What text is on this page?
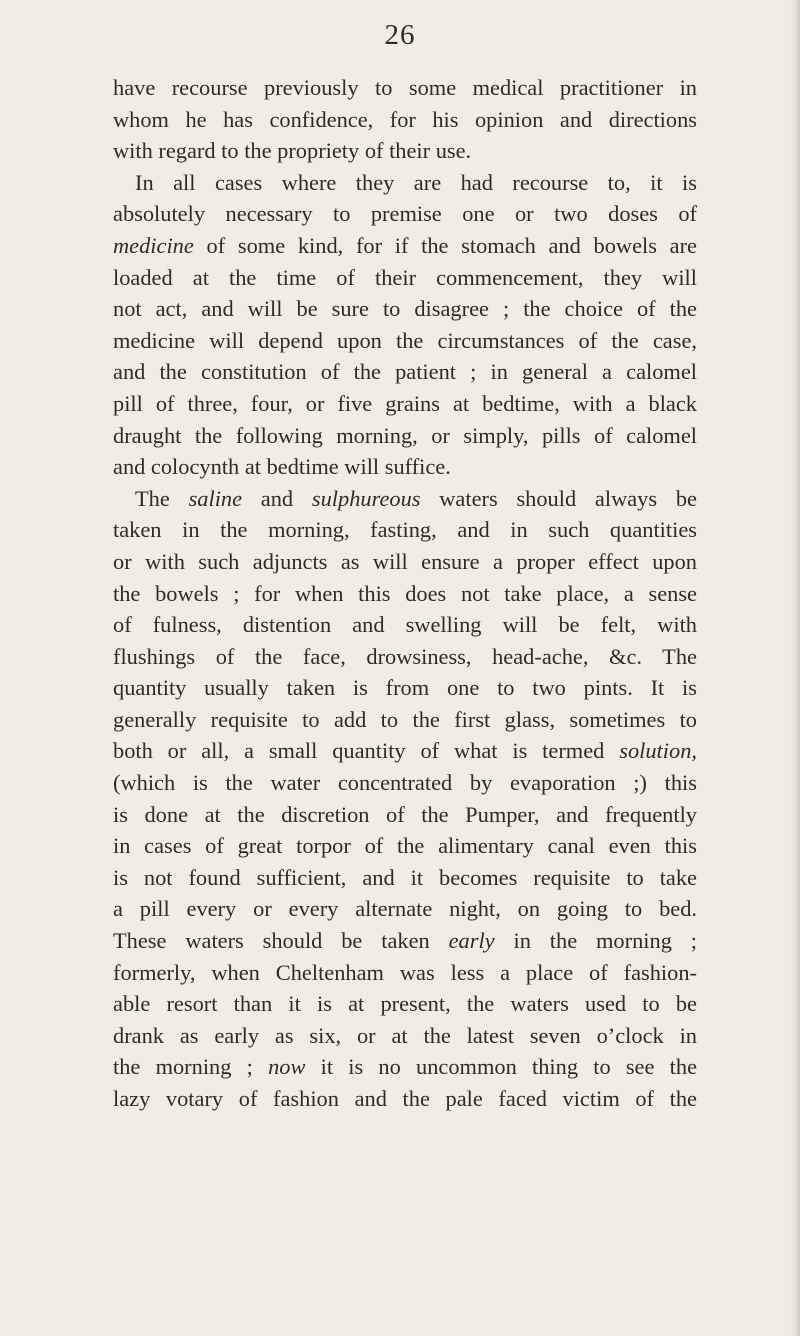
26
have recourse previously to some medical practitioner in
whom he has confidence, for his opinion and directions
with regard to the propriety of their use.
In all cases where they are had recourse to, it is
absolutely necessary to premise one or two doses of
medicine of some kind, for if the stomach and bowels are
loaded at the time of their commencement, they will
not act, and will be sure to disagree ; the choice of the
medicine will depend upon the circumstances of the case,
and the constitution of the patient ; in general a calomel
pill of three, four, or five grains at bedtime, with a black
draught the following morning, or simply, pills of calomel
and colocynth at bedtime will suffice.
The saline and sulphureous waters should always be
taken in the morning, fasting, and in such quantities
or with such adjuncts as will ensure a proper effect upon
the bowels ; for when this does not take place, a sense
of fulness, distention and swelling will be felt, with
flushings of the face, drowsiness, head-ache, &c. The
quantity usually taken is from one to two pints. It is
generally requisite to add to the first glass, sometimes to
both or all, a small quantity of what is termed solution,
(which is the water concentrated by evaporation ;) this
is done at the discretion of the Pumper, and frequently
in cases of great torpor of the alimentary canal even this
is not found sufficient, and it becomes requisite to take
a pill every or every alternate night, on going to bed.
These waters should be taken early in the morning ;
formerly, when Cheltenham was less a place of fashion-
able resort than it is at present, the waters used to be
drank as early as six, or at the latest seven o’clock in
the morning ; now it is no uncommon thing to see the
lazy votary of fashion and the pale faced victim of the
